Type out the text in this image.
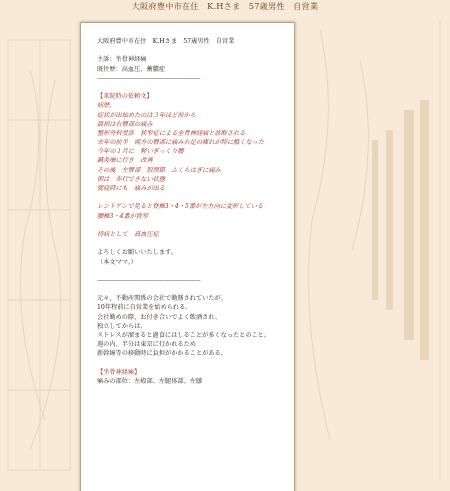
大阪府豊中市在住　K.Hさま　57歳男性　自営業
大阪府豊中市在住　K.Hさま　57歳男性　自営業
主訴：坐骨神経痛
既往歴：高血圧、蓄膿症
-------------------------------------------------------------
【来院時の依頼文】
病歴、
症状が出始めたのは３年ほど前から
最初は右臀部の痛み
整形外科受診　狭窄症による坐骨神経痛と診断される
去年の前半　両方の臀部に痛み右足の痺れが特に酷くなった
今年の１月に　軽いぎっくり腰
鍼灸療に行き　改善
その後　左臀部　股関節　ふくらはぎに痛み
朝は　歩行できない状態
就寝時にも　痛みが出る
レントゲンで見ると脊椎3・4・5番が左方向に変形している
腰椎3・4番が狭窄
持病として　高血圧症
よろしくお願いいたします。
（本文ママ。）
-------------------------------------------------------------
元々、不動産関係の会社で勤務されていたが、
10年程前に自営業を始められる。
会社勤めの際、お付き合いでよく飲酒され、
独立してからは、
ストレスが溜まると過食にはしることが多くなったとのこと。
週の内、半分は東京に行かれるため
新幹線等の移動時に負担がかかることがある。
【坐骨神経痛】
痛みの部位：左殿部、左腿体部、左膝
